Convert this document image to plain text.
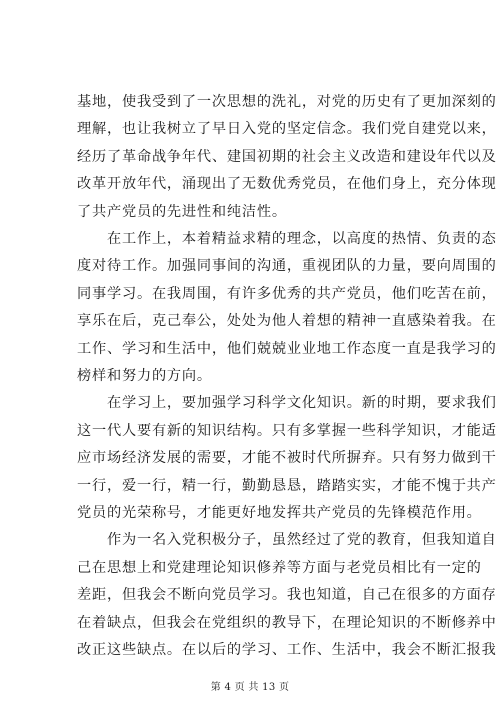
基地，使我受到了一次思想的洗礼，对党的历史有了更加深刻的
理解，也让我树立了早日入党的坚定信念。我们党自建党以来，
经历了革命战争年代、建国初期的社会主义改造和建设年代以及
改革开放年代，涌现出了无数优秀党员，在他们身上，充分体现
了共产党员的先进性和纯洁性。
　　在工作上，本着精益求精的理念，以高度的热情、负责的态
度对待工作。加强同事间的沟通，重视团队的力量，要向周围的
同事学习。在我周围，有许多优秀的共产党员，他们吃苦在前，
享乐在后，克己奉公，处处为他人着想的精神一直感染着我。在
工作、学习和生活中，他们兢兢业业地工作态度一直是我学习的
榜样和努力的方向。
　　在学习上，要加强学习科学文化知识。新的时期，要求我们
这一代人要有新的知识结构。只有多掌握一些科学知识，才能适
应市场经济发展的需要，才能不被时代所摒弃。只有努力做到干
一行，爱一行，精一行，勤勤恳恳，踏踏实实，才能不愧于共产
党员的光荣称号，才能更好地发挥共产党员的先锋模范作用。
　　作为一名入党积极分子，虽然经过了党的教育，但我知道自
己在思想上和党建理论知识修养等方面与老党员相比有一定的
差距，但我会不断向党员学习。我也知道，自己在很多的方面存
在着缺点，但我会在党组织的教导下，在理论知识的不断修养中
改正这些缺点。在以后的学习、工作、生活中，我会不断汇报我
第 4 页 共 13 页
